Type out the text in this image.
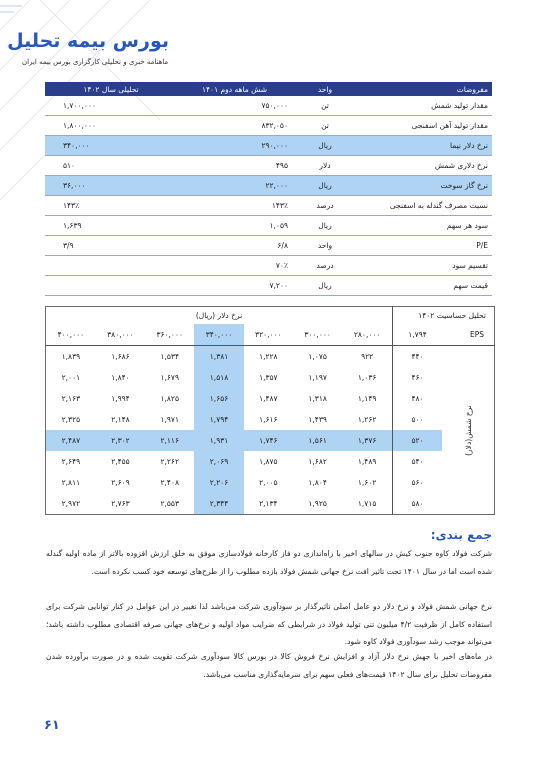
بورس بیمه تحلیل
ماهنامه خبری و تحلیلی کارگزاری بورس بیمه ایران
مفروضات	واحد	شش ماهه دوم ۱۴۰۱	تحلیلی سال ۱۴۰۲
مقدار تولید شمش	تن	۷۵۰,۰۰۰	۱,۷۰۰,۰۰۰
مقدار تولید آهن اسفنجی	تن	۸۳۲,۰۵۰	۱,۸۰۰,۰۰۰
نرخ دلار نیما	ریال	۲۹۰,۰۰۰	۳۴۰,۰۰۰
نرخ دلاری شمش	دلار	۴۹۵	۵۱۰
نرخ گاز سوخت	ریال	۲۲,۰۰۰	۳۶,۰۰۰
نسبت مصرف گندله به اسفنجی	درصد	۱۴۳٪	۱۴۳٪
سود هر سهم	ریال	۱,۰۵۹	۱,۶۳۹
P/E	واحد	۶/۸	۳/۹
تقسیم سود	درصد	۷۰٪	
قیمت سهم	ریال	۷,۲۰۰	
تحلیل حساسیت ۱۴۰۲		نرخ دلار (ریال)						
EPS	۱,۷۹۴	۲۸۰,۰۰۰	۳۰۰,۰۰۰	۳۲۰,۰۰۰	۳۴۰,۰۰۰	۳۶۰,۰۰۰	۳۸۰,۰۰۰	۴۰۰,۰۰۰
نرخ شمش(دلار)	۴۴۰	۹۲۲	۱,۰۷۵	۱,۲۲۸	۱,۳۸۱	۱,۵۳۴	۱,۶۸۶	۱,۸۳۹
	۴۶۰	۱,۰۳۶	۱,۱۹۷	۱,۳۵۷	۱,۵۱۸	۱,۶۷۹	۱,۸۴۰	۲,۰۰۱
	۴۸۰	۱,۱۴۹	۱,۳۱۸	۱,۴۸۷	۱,۶۵۶	۱,۸۲۵	۱,۹۹۴	۲,۱۶۳
	۵۰۰	۱,۲۶۲	۱,۴۳۹	۱,۶۱۶	۱,۷۹۴	۱,۹۷۱	۲,۱۴۸	۲,۳۲۵
	۵۲۰	۱,۳۷۶	۱,۵۶۱	۱,۷۴۶	۱,۹۳۱	۲,۱۱۶	۲,۳۰۲	۲,۴۸۷
	۵۴۰	۱,۴۸۹	۱,۶۸۲	۱,۸۷۵	۲,۰۶۹	۲,۲۶۲	۲,۴۵۵	۲,۶۴۹
	۵۶۰	۱,۶۰۲	۱,۸۰۴	۲,۰۰۵	۲,۲۰۶	۲,۴۰۸	۲,۶۰۹	۲,۸۱۱
	۵۸۰	۱,۷۱۵	۱,۹۲۵	۲,۱۳۴	۲,۳۴۴	۲,۵۵۳	۲,۷۶۳	۲,۹۷۲
جمع بندی:
شرکت فولاد کاوه جنوب کیش در سالهای اخیر با راه‌اندازی دو فاز کارخانه فولادسازی موفق به خلق ارزش افزوده بالاتر از ماده اولیه گندله شده است اما در سال ۱۴۰۱ تحت تاثیر افت نرخ جهانی شمش فولاد بازده مطلوب را از طرح‌های توسعه خود کسب نکرده است.
نرخ جهانی شمش فولاد و نرخ دلار دو عامل اصلی تاثیرگذار بر سودآوری شرکت می‌باشد لذا تغییر در این عوامل در کنار توانایی شرکت برای استفاده کامل از ظرفیت ۴/۲ میلیون تنی تولید فولاد در شرایطی که ضرایب مواد اولیه و نرخ‌های جهانی صرفه اقتصادی مطلوب داشته باشد؛ می‌تواند موجب رشد سودآوری فولاد کاوه شود.
در ماه‌های اخیر با جهش نرخ دلار آزاد و افزایش نرخ فروش کالا در بورس کالا سودآوری شرکت تقویت شده و در صورت برآورده شدن مفروضات تحلیل برای سال ۱۴۰۲ قیمت‌های فعلی سهم برای سرمایه‌گذاری مناسب می‌باشد.
۶۱
